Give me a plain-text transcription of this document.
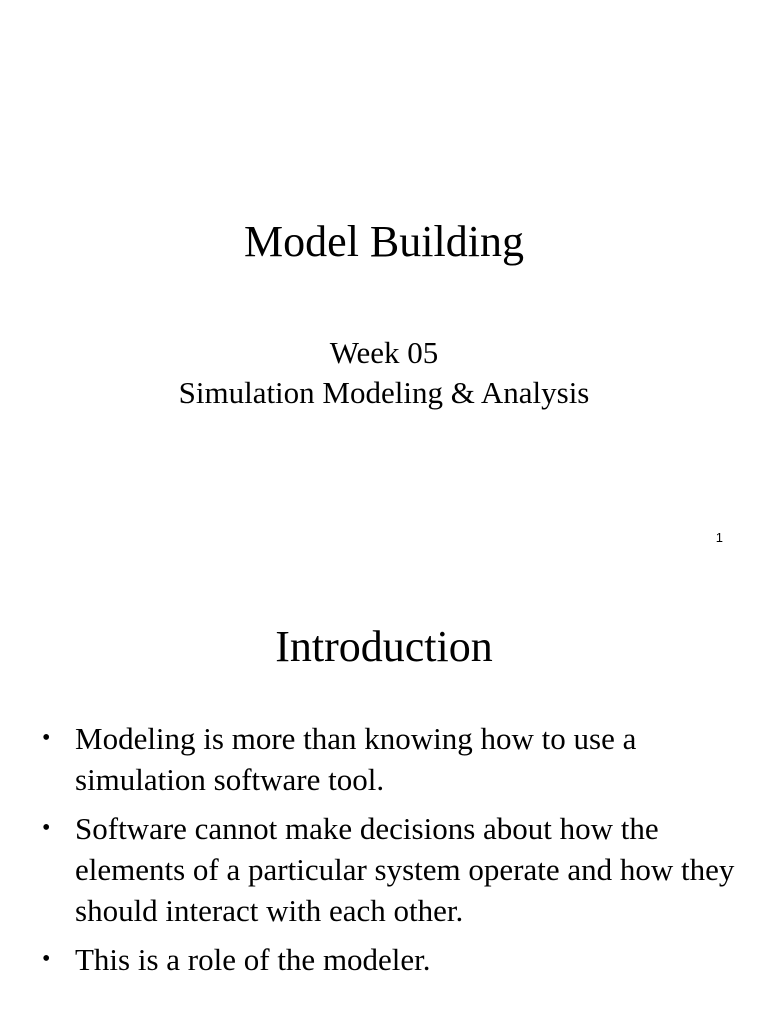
Model Building
Week 05
Simulation Modeling & Analysis
1
Introduction
• Modeling is more than knowing how to use a simulation software tool.
• Software cannot make decisions about how the elements of a particular system operate and how they should interact with each other.
• This is a role of the modeler.
